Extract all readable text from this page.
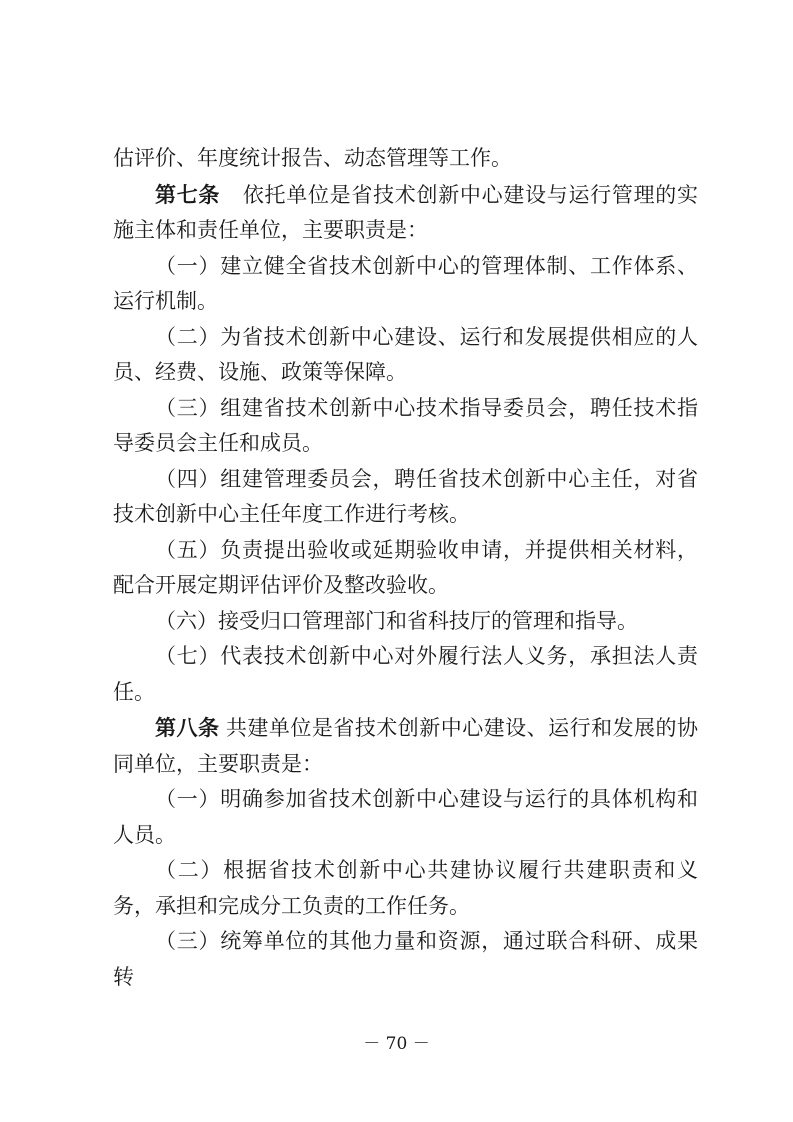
估评价、年度统计报告、动态管理等工作。

第七条 依托单位是省技术创新中心建设与运行管理的实施主体和责任单位，主要职责是：

（一）建立健全省技术创新中心的管理体制、工作体系、运行机制。

（二）为省技术创新中心建设、运行和发展提供相应的人员、经费、设施、政策等保障。

（三）组建省技术创新中心技术指导委员会，聘任技术指导委员会主任和成员。

（四）组建管理委员会，聘任省技术创新中心主任，对省技术创新中心主任年度工作进行考核。

（五）负责提出验收或延期验收申请，并提供相关材料，配合开展定期评估评价及整改验收。

（六）接受归口管理部门和省科技厅的管理和指导。

（七）代表技术创新中心对外履行法人义务，承担法人责任。

第八条 共建单位是省技术创新中心建设、运行和发展的协同单位，主要职责是：

（一）明确参加省技术创新中心建设与运行的具体机构和人员。

（二）根据省技术创新中心共建协议履行共建职责和义务，承担和完成分工负责的工作任务。

（三）统筹单位的其他力量和资源，通过联合科研、成果转

－ 70 －
